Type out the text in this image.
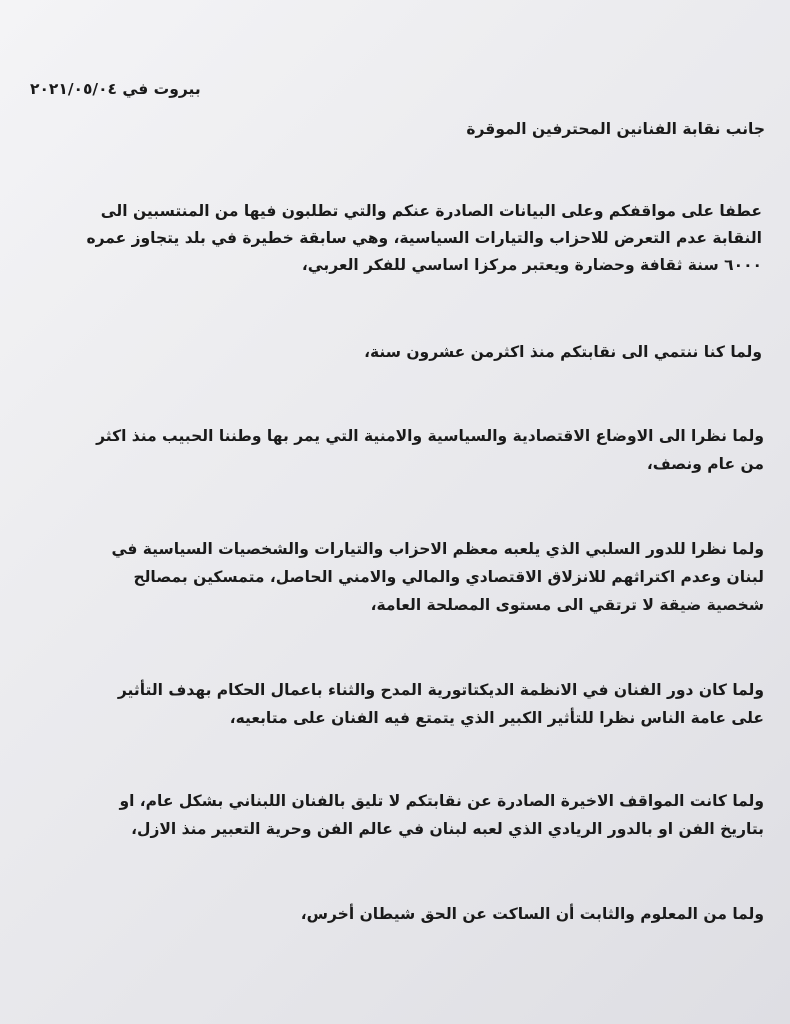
بيروت في ٢٠٢١/٠٥/٠٤
جانب نقابة الفنانين المحترفين الموقرة
عطفا على مواقفكم وعلى البيانات الصادرة عنكم والتي تطلبون فيها من المنتسبين الى
النقابة عدم التعرض للاحزاب والتيارات السياسية، وهي سابقة خطيرة في بلد يتجاوز عمره
٦٠٠٠ سنة ثقافة وحضارة ويعتبر مركزا اساسي للفكر العربي،
ولما كنا ننتمي الى نقابتكم منذ اكثرمن عشرون سنة،
ولما نظرا الى الاوضاع الاقتصادية والسياسية والامنية التي يمر بها وطننا الحبيب منذ اكثر
من عام ونصف،
ولما نظرا للدور السلبي الذي يلعبه معظم الاحزاب والتيارات والشخصيات السياسية في
لبنان وعدم اكتراثهم للانزلاق الاقتصادي والمالي والامني الحاصل، متمسكين بمصالح
شخصية ضيقة لا ترتقي الى مستوى المصلحة العامة،
ولما كان دور الفنان في الانظمة الديكتاتورية المدح والثناء باعمال الحكام بهدف التأثير
على عامة الناس نظرا للتأثير الكبير الذي يتمتع فيه الفنان على متابعيه،
ولما كانت المواقف الاخيرة الصادرة عن نقابتكم لا تليق بالفنان اللبناني بشكل عام، او
بتاريخ الفن او بالدور الريادي الذي لعبه لبنان في عالم الفن وحرية التعبير منذ الازل،
ولما من المعلوم والثابت أن الساكت عن الحق شيطان أخرس،
